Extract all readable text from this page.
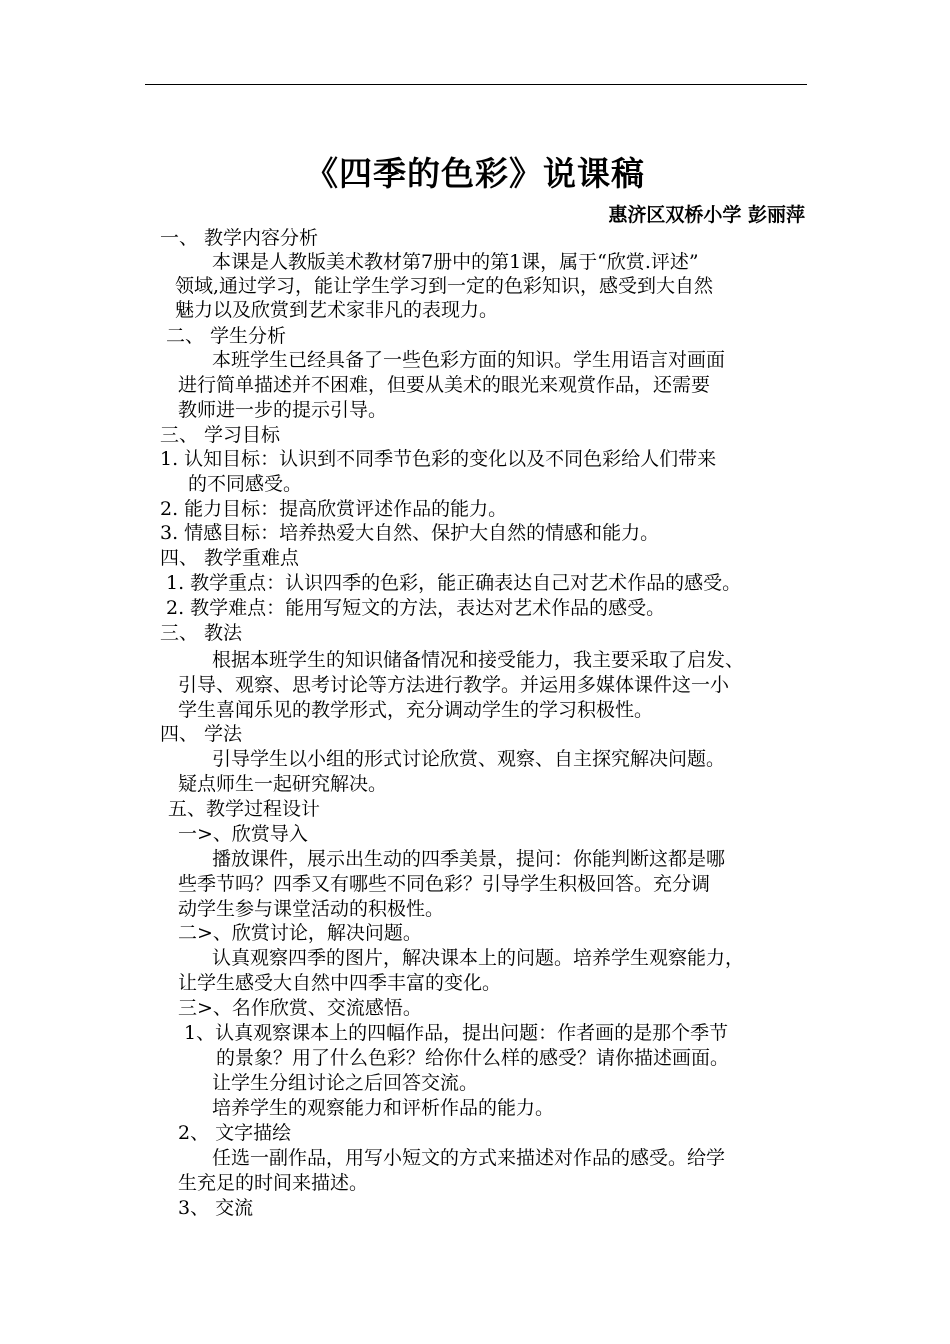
《四季的色彩》说课稿
惠济区双桥小学 彭丽萍
一、 教学内容分析
本课是人教版美术教材第7册中的第1课，属于“欣赏.评述”
领域,通过学习，能让学生学习到一定的色彩知识，感受到大自然
魅力以及欣赏到艺术家非凡的表现力。
二、 学生分析
本班学生已经具备了一些色彩方面的知识。学生用语言对画面
进行简单描述并不困难，但要从美术的眼光来观赏作品，还需要
教师进一步的提示引导。
三、 学习目标
1. 认知目标：认识到不同季节色彩的变化以及不同色彩给人们带来
的不同感受。
2. 能力目标：提高欣赏评述作品的能力。
3. 情感目标：培养热爱大自然、保护大自然的情感和能力。
四、 教学重难点
1. 教学重点：认识四季的色彩，能正确表达自己对艺术作品的感受。
2. 教学难点：能用写短文的方法，表达对艺术作品的感受。
三、 教法
根据本班学生的知识储备情况和接受能力，我主要采取了启发、
引导、观察、思考讨论等方法进行教学。并运用多媒体课件这一小
学生喜闻乐见的教学形式，充分调动学生的学习积极性。
四、 学法
引导学生以小组的形式讨论欣赏、观察、自主探究解决问题。
疑点师生一起研究解决。
五、教学过程设计
一>、欣赏导入
播放课件，展示出生动的四季美景，提问：你能判断这都是哪
些季节吗？四季又有哪些不同色彩？引导学生积极回答。充分调
动学生参与课堂活动的积极性。
二>、欣赏讨论，解决问题。
认真观察四季的图片，解决课本上的问题。培养学生观察能力，
让学生感受大自然中四季丰富的变化。
三>、名作欣赏、交流感悟。
1、认真观察课本上的四幅作品，提出问题：作者画的是那个季节
的景象？用了什么色彩？给你什么样的感受？请你描述画面。
让学生分组讨论之后回答交流。
培养学生的观察能力和评析作品的能力。
2、 文字描绘
任选一副作品，用写小短文的方式来描述对作品的感受。给学
生充足的时间来描述。
3、 交流
